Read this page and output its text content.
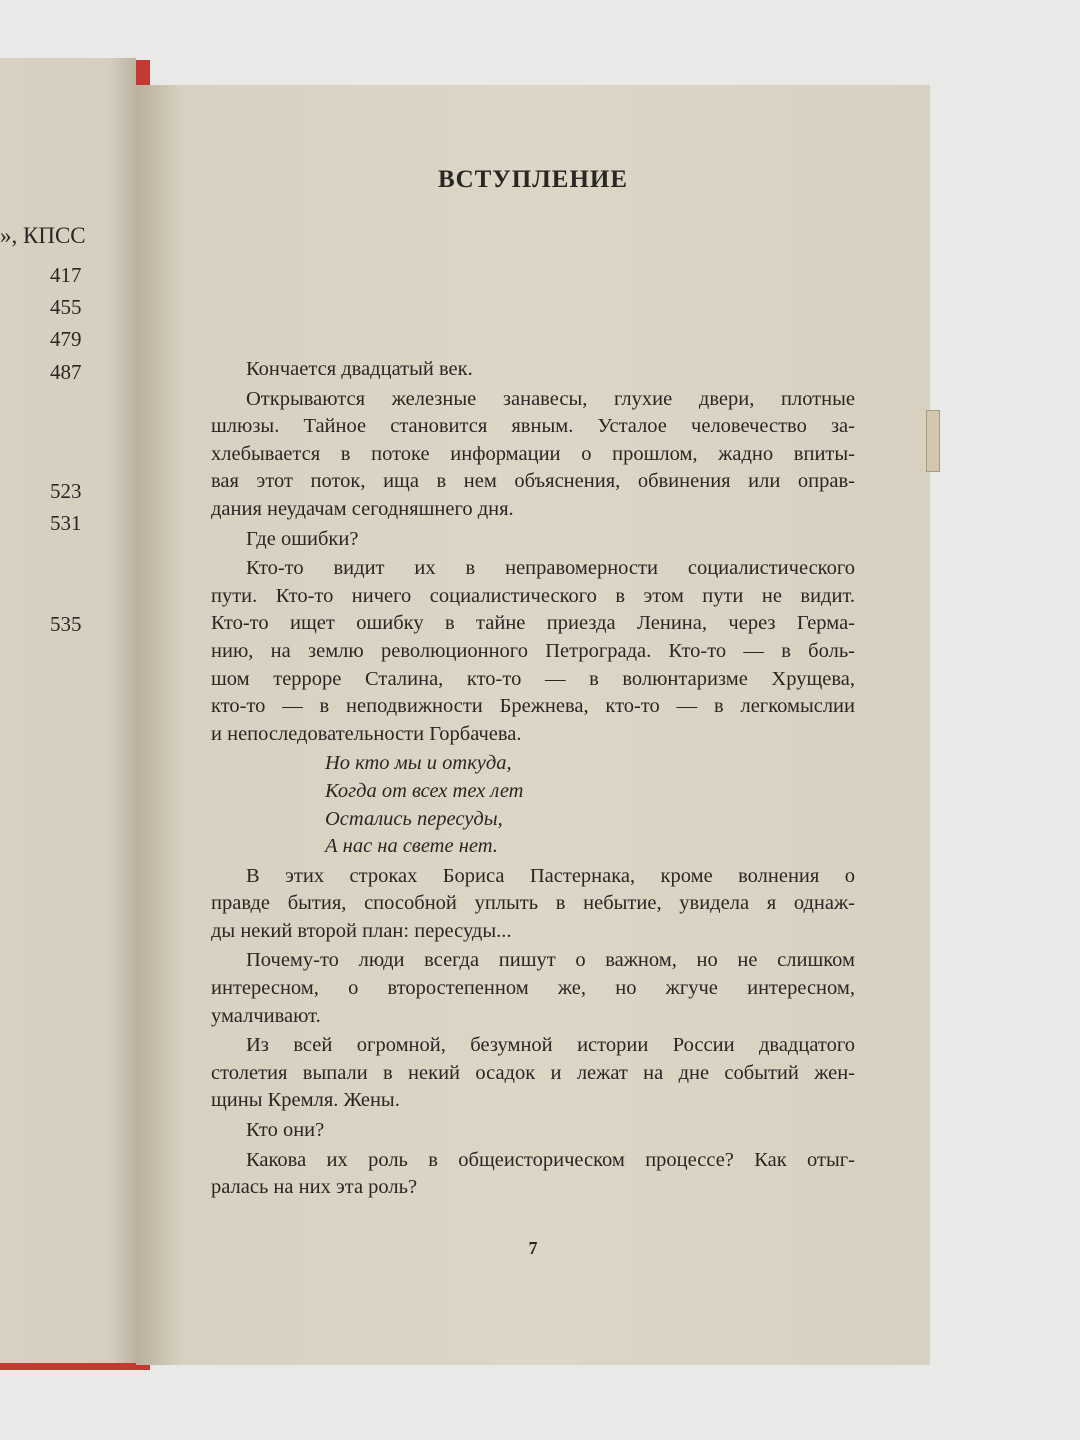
», КПСС
417
455
479
487
523
531
535
ВСТУПЛЕНИЕ
Кончается двадцатый век.
Открываются железные занавесы, глухие двери, плотные
шлюзы. Тайное становится явным. Усталое человечество за-
хлебывается в потоке информации о прошлом, жадно впиты-
вая этот поток, ища в нем объяснения, обвинения или оправ-
дания неудачам сегодняшнего дня.
Где ошибки?
Кто-то видит их в неправомерности социалистического
пути. Кто-то ничего социалистического в этом пути не видит.
Кто-то ищет ошибку в тайне приезда Ленина, через Герма-
нию, на землю революционного Петрограда. Кто-то — в боль-
шом терроре Сталина, кто-то — в волюнтаризме Хрущева,
кто-то — в неподвижности Брежнева, кто-то — в легкомыслии
и непоследовательности Горбачева.
Но кто мы и откуда,
Когда от всех тех лет
Остались пересуды,
А нас на свете нет.
В этих строках Бориса Пастернака, кроме волнения о
правде бытия, способной уплыть в небытие, увидела я однаж-
ды некий второй план: пересуды...
Почему-то люди всегда пишут о важном, но не слишком
интересном, о второстепенном же, но жгуче интересном,
умалчивают.
Из всей огромной, безумной истории России двадцатого
столетия выпали в некий осадок и лежат на дне событий жен-
щины Кремля. Жены.
Кто они?
Какова их роль в общеисторическом процессе? Как отыг-
ралась на них эта роль?
7
